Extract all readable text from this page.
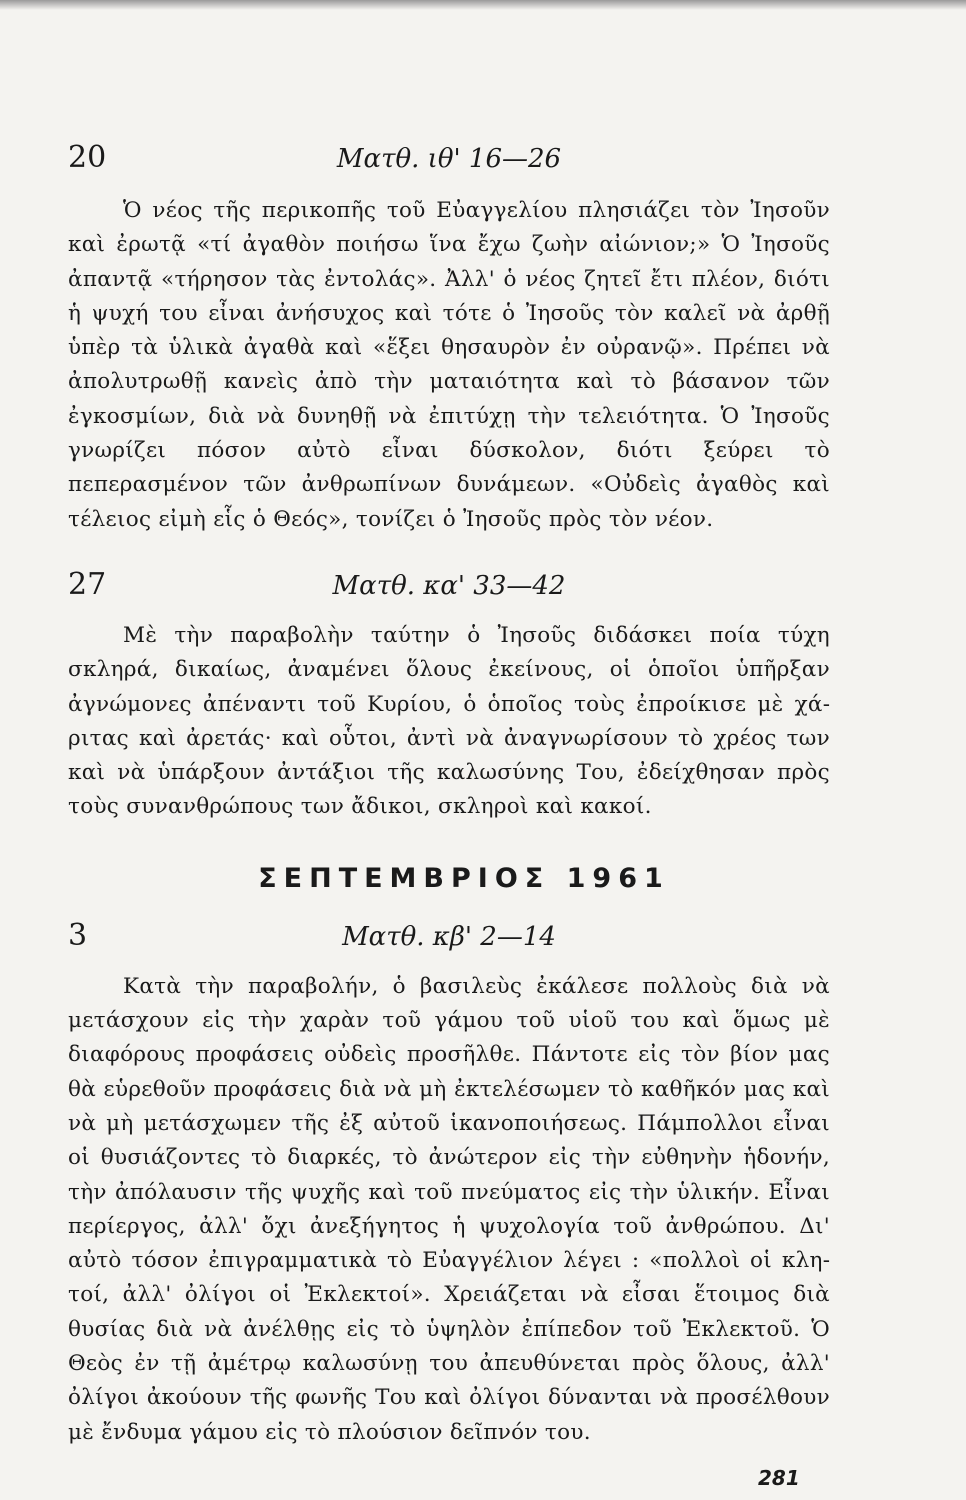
20	Ματθ. ιθ' 16—26

Ὁ νέος τῆς περικοπῆς τοῦ Εὐαγγελίου πλησιάζει τὸν Ἰησοῦν καὶ ἐρωτᾷ «τί ἀγαθὸν ποιήσω ἵνα ἔχω ζωὴν αἰώνιον;» Ὁ Ἰησοῦς ἀπαντᾷ «τήρησον τὰς ἐντολάς». Ἀλλ' ὁ νέος ζητεῖ ἔτι πλέον, διότι ἡ ψυχή του εἶναι ἀνήσυχος καὶ τότε ὁ Ἰησοῦς τὸν καλεῖ νὰ ἀρθῇ ὑπὲρ τὰ ὑλικὰ ἀγαθὰ καὶ «ἕξει θησαυρὸν ἐν οὐρανῷ». Πρέπει νὰ ἀπολυτρωθῇ κανεὶς ἀπὸ τὴν ματαιότητα καὶ τὸ βάσανον τῶν ἐγκοσμίων, διὰ νὰ δυνηθῇ νὰ ἐπιτύχῃ τὴν τελειότητα. Ὁ Ἰησοῦς γνωρίζει πόσον αὐτὸ εἶναι δύσκολον, διότι ξεύρει τὸ πεπερασμένον τῶν ἀνθρωπίνων δυνάμεων. «Οὐδεὶς ἀγαθὸς καὶ τέλειος εἰμὴ εἷς ὁ Θεός», τονίζει ὁ Ἰησοῦς πρὸς τὸν νέον.

27	Ματθ. κα' 33—42

Μὲ τὴν παραβολὴν ταύτην ὁ Ἰησοῦς διδάσκει ποία τύχη σκληρά, δικαίως, ἀναμένει ὅλους ἐκείνους, οἱ ὁποῖοι ὑπῆρξαν ἀγνώμονες ἀπέναντι τοῦ Κυρίου, ὁ ὁποῖος τοὺς ἐπροίκισε μὲ χάριτας καὶ ἀρετάς· καὶ οὗτοι, ἀντὶ νὰ ἀναγνωρίσουν τὸ χρέος των καὶ νὰ ὑπάρξουν ἀντάξιοι τῆς καλωσύνης Του, ἐδείχθησαν πρὸς τοὺς συνανθρώπους των ἄδικοι, σκληροὶ καὶ κακοί.

ΣΕΠΤΕΜΒΡΙΟΣ 1961

3	Ματθ. κβ' 2—14

Κατὰ τὴν παραβολήν, ὁ βασιλεὺς ἐκάλεσε πολλοὺς διὰ νὰ μετάσχουν εἰς τὴν χαρὰν τοῦ γάμου τοῦ υἱοῦ του καὶ ὅμως μὲ διαφόρους προφάσεις οὐδεὶς προσῆλθε. Πάντοτε εἰς τὸν βίον μας θὰ εὑρεθοῦν προφάσεις διὰ νὰ μὴ ἐκτελέσωμεν τὸ καθῆκόν μας καὶ νὰ μὴ μετάσχωμεν τῆς ἐξ αὐτοῦ ἱκανοποιήσεως. Πάμπολλοι εἶναι οἱ θυσιάζοντες τὸ διαρκές, τὸ ἀνώτερον εἰς τὴν εὐθηνὴν ἡδονήν, τὴν ἀπόλαυσιν τῆς ψυχῆς καὶ τοῦ πνεύματος εἰς τὴν ὑλικήν. Εἶναι περίεργος, ἀλλ' ὄχι ἀνεξήγητος ἡ ψυχολογία τοῦ ἀνθρώπου. Δι' αὐτὸ τόσον ἐπιγραμματικὰ τὸ Εὐαγγέλιον λέγει : «πολλοὶ οἱ κλητοί, ἀλλ' ὀλίγοι οἱ Ἐκλεκτοί». Χρειάζεται νὰ εἶσαι ἕτοιμος διὰ θυσίας διὰ νὰ ἀνέλθῃς εἰς τὸ ὑψηλὸν ἐπίπεδον τοῦ Ἐκλεκτοῦ. Ὁ Θεὸς ἐν τῇ ἀμέτρῳ καλωσύνῃ του ἀπευθύνεται πρὸς ὅλους, ἀλλ' ὀλίγοι ἀκούουν τῆς φωνῆς Του καὶ ὀλίγοι δύνανται νὰ προσέλθουν μὲ ἔνδυμα γάμου εἰς τὸ πλούσιον δεῖπνόν του.

281
